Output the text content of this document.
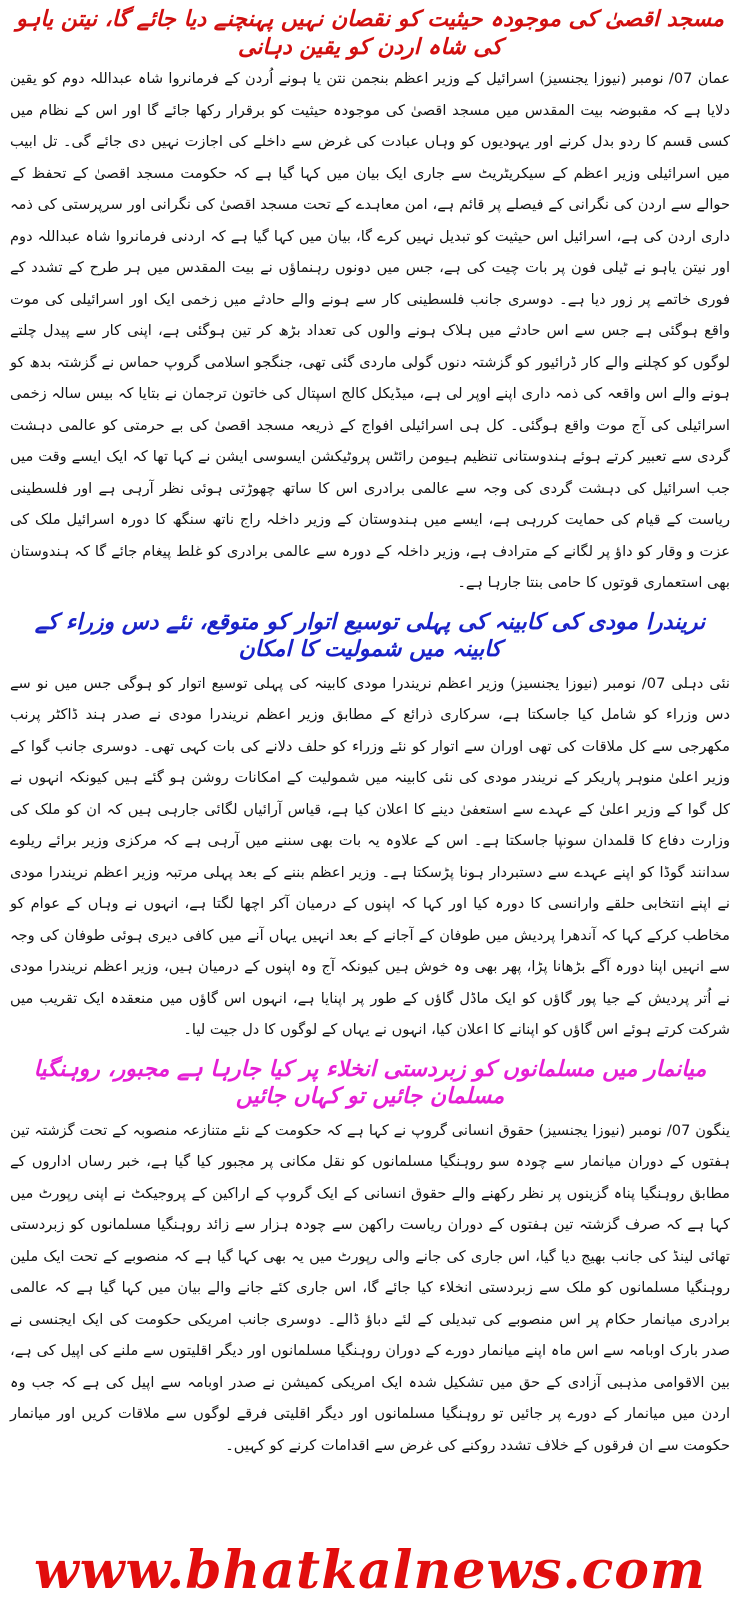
مسجد اقصیٰ کی موجودہ حیثیت کو نقصان نہیں پہنچنے دیا جائے گا، نیتن یاہو کی شاہ اردن کو یقین دہانی

عمان 07/ نومبر (نیوزا یجنسیز) اسرائیل کے وزیر اعظم بنجمن نتن یا ہونے اُردن کے فرمانروا شاہ عبداللہ دوم کو یقین دلایا ہے کہ مقبوضہ بیت المقدس میں مسجد اقصیٰ کی موجودہ حیثیت کو برقرار رکھا جائے گا اور اس کے نظام میں کسی قسم کا ردو بدل کرنے اور یہودیوں کو وہاں عبادت کی غرض سے داخلے کی اجازت نہیں دی جائے گی۔ تل ابیب میں اسرائیلی وزیر اعظم کے سیکریٹریٹ سے جاری ایک بیان میں کہا گیا ہے کہ حکومت مسجد اقصیٰ کے تحفظ کے حوالے سے اردن کی نگرانی کے فیصلے پر قائم ہے، امن معاہدے کے تحت مسجد اقصیٰ کی نگرانی اور سرپرستی کی ذمہ داری اردن کی ہے، اسرائیل اس حیثیت کو تبدیل نہیں کرے گا، بیان میں کہا گیا ہے کہ اردنی فرمانروا شاہ عبداللہ دوم اور نیتن یاہو نے ٹیلی فون پر بات چیت کی ہے، جس میں دونوں رہنماؤں نے بیت المقدس میں ہر طرح کے تشدد کے فوری خاتمے پر زور دیا ہے۔ دوسری جانب فلسطینی کار سے ہونے والے حادثے میں زخمی ایک اور اسرائیلی کی موت واقع ہوگئی ہے جس سے اس حادثے میں ہلاک ہونے والوں کی تعداد بڑھ کر تین ہوگئی ہے، اپنی کار سے پیدل چلتے لوگوں کو کچلنے والے کار ڈرائیور کو گزشتہ دنوں گولی ماردی گئی تھی، جنگجو اسلامی گروپ حماس نے گزشتہ بدھ کو ہونے والے اس واقعہ کی ذمہ داری اپنے اوپر لی ہے، میڈیکل کالج اسپتال کی خاتون ترجمان نے بتایا کہ بیس سالہ زخمی اسرائیلی کی آج موت واقع ہوگئی۔ کل ہی اسرائیلی افواج کے ذریعہ مسجد اقصیٰ کی بے حرمتی کو عالمی دہشت گردی سے تعبیر کرتے ہوئے ہندوستانی تنظیم ہیومن رائٹس پروٹیکشن ایسوسی ایشن نے کہا تھا کہ ایک ایسے وقت میں جب اسرائیل کی دہشت گردی کی وجہ سے عالمی برادری اس کا ساتھ چھوڑتی ہوئی نظر آرہی ہے اور فلسطینی ریاست کے قیام کی حمایت کررہی ہے، ایسے میں ہندوستان کے وزیر داخلہ راج ناتھ سنگھ کا دورہ اسرائیل ملک کی عزت و وقار کو داؤ پر لگانے کے مترادف ہے، وزیر داخلہ کے دورہ سے عالمی برادری کو غلط پیغام جائے گا کہ ہندوستان بھی استعماری قوتوں کا حامی بنتا جارہا ہے۔

نریندرا مودی کی کابینہ کی پہلی توسیع اتوار کو متوقع، نئے دس وزراء کے کابینہ میں شمولیت کا امکان

نئی دہلی 07/ نومبر (نیوزا یجنسیز) وزیر اعظم نریندرا مودی کابینہ کی پہلی توسیع اتوار کو ہوگی جس میں نو سے دس وزراء کو شامل کیا جاسکتا ہے، سرکاری ذرائع کے مطابق وزیر اعظم نریندرا مودی نے صدر ہند ڈاکٹر پرنب مکھرجی سے کل ملاقات کی تھی اوران سے اتوار کو نئے وزراء کو حلف دلانے کی بات کہی تھی۔ دوسری جانب گوا کے وزیر اعلیٰ منوہر پاریکر کے نریندر مودی کی نئی کابینہ میں شمولیت کے امکانات روشن ہو گئے ہیں کیونکہ انہوں نے کل گوا کے وزیر اعلیٰ کے عہدے سے استعفیٰ دینے کا اعلان کیا ہے، قیاس آرائیاں لگائی جارہی ہیں کہ ان کو ملک کی وزارت دفاع کا قلمدان سونپا جاسکتا ہے۔ اس کے علاوہ یہ بات بھی سننے میں آرہی ہے کہ مرکزی وزیر برائے ریلوے سدانند گوڈا کو اپنے عہدے سے دستبردار ہونا پڑسکتا ہے۔ وزیر اعظم بننے کے بعد پہلی مرتبہ وزیر اعظم نریندرا مودی نے اپنے انتخابی حلقے وارانسی کا دورہ کیا اور کہا کہ اپنوں کے درمیان آکر اچھا لگتا ہے، انہوں نے وہاں کے عوام کو مخاطب کرکے کہا کہ آندھرا پردیش میں طوفان کے آجانے کے بعد انہیں یہاں آنے میں کافی دیری ہوئی طوفان کی وجہ سے انہیں اپنا دورہ آگے بڑھانا پڑا، پھر بھی وہ خوش ہیں کیونکہ آج وہ اپنوں کے درمیان ہیں، وزیر اعظم نریندرا مودی نے اُتر پردیش کے جیا پور گاؤں کو ایک ماڈل گاؤں کے طور پر اپنایا ہے، انہوں اس گاؤں میں منعقدہ ایک تقریب میں شرکت کرتے ہوئے اس گاؤں کو اپنانے کا اعلان کیا، انہوں نے یہاں کے لوگوں کا دل جیت لیا۔

میانمار میں مسلمانوں کو زبردستی انخلاء پر کیا جارہا ہے مجبور، روہنگیا مسلمان جائیں تو کہاں جائیں

ینگون 07/ نومبر (نیوزا یجنسیز) حقوق انسانی گروپ نے کہا ہے کہ حکومت کے نئے متنازعہ منصوبہ کے تحت گزشتہ تین ہفتوں کے دوران میانمار سے چودہ سو روہنگیا مسلمانوں کو نقل مکانی پر مجبور کیا گیا ہے، خبر رساں اداروں کے مطابق روہنگیا پناہ گزینوں پر نظر رکھنے والے حقوق انسانی کے ایک گروپ کے اراکین کے پروجیکٹ نے اپنی رپورٹ میں کہا ہے کہ صرف گزشتہ تین ہفتوں کے دوران ریاست راکھن سے چودہ ہزار سے زائد روہنگیا مسلمانوں کو زبردستی تھائی لینڈ کی جانب بھیج دیا گیا، اس جاری کی جانے والی رپورٹ میں یہ بھی کہا گیا ہے کہ منصوبے کے تحت ایک ملین روہنگیا مسلمانوں کو ملک سے زبردستی انخلاء کیا جائے گا، اس جاری کئے جانے والے بیان میں کہا گیا ہے کہ عالمی برادری میانمار حکام پر اس منصوبے کی تبدیلی کے لئے دباؤ ڈالے۔ دوسری جانب امریکی حکومت کی ایک ایجنسی نے صدر بارک اوبامہ سے اس ماہ اپنے میانمار دورے کے دوران روہنگیا مسلمانوں اور دیگر اقلیتوں سے ملنے کی اپیل کی ہے، بین الاقوامی مذہبی آزادی کے حق میں تشکیل شدہ ایک امریکی کمیشن نے صدر اوبامہ سے اپیل کی ہے کہ جب وہ اردن میں میانمار کے دورے پر جائیں تو روہنگیا مسلمانوں اور دیگر اقلیتی فرقے لوگوں سے ملاقات کریں اور میانمار حکومت سے ان فرقوں کے خلاف تشدد روکنے کی غرض سے اقدامات کرنے کو کہیں۔

www.bhatkalnews.com
